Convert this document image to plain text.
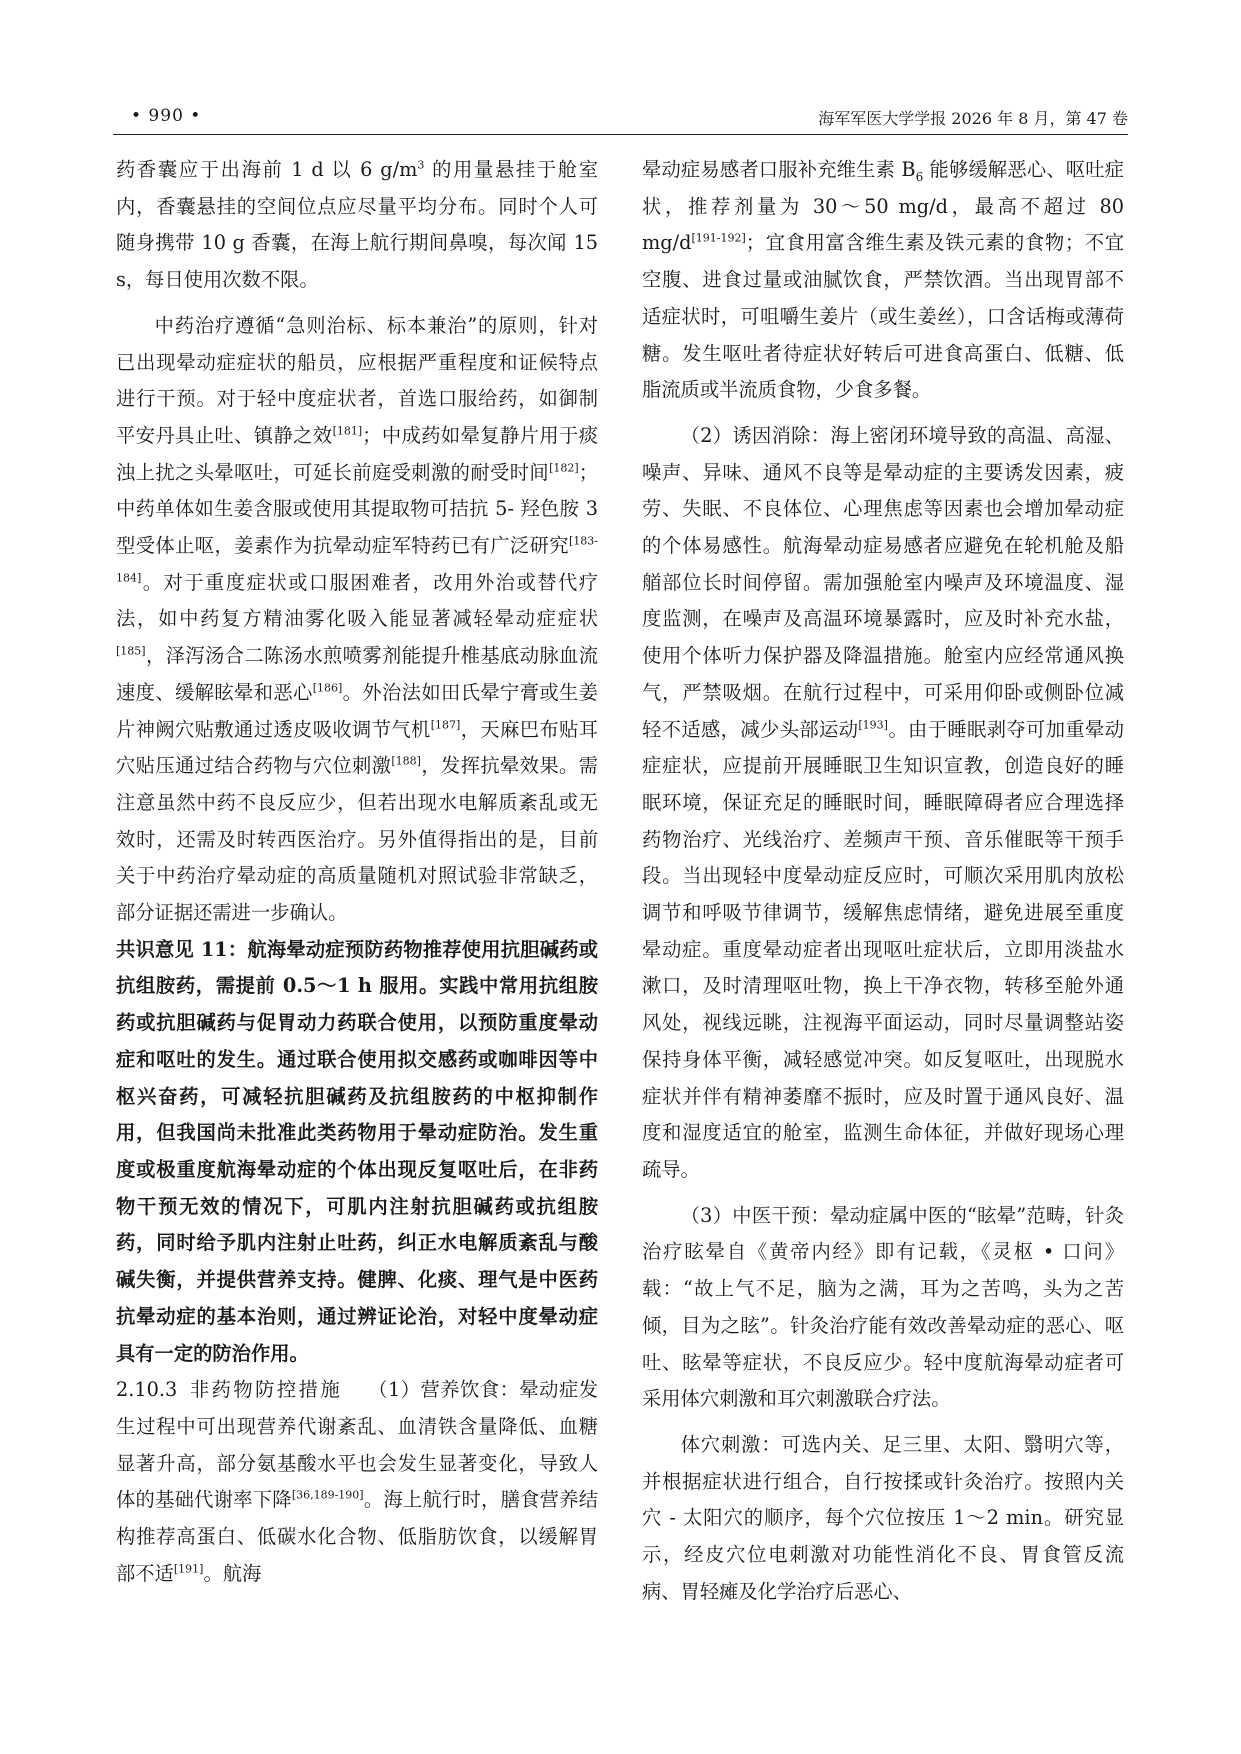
• 990 •	海军军医大学学报 2026 年 8 月，第 47 卷

药香囊应于出海前 1 d 以 6 $g/m^3$ 的用量悬挂于舱室内，香囊悬挂的空间位点应尽量平均分布。同时个人可随身携带 10 g 香囊，在海上航行期间鼻嗅，每次闻 15 s，每日使用次数不限。

中药治疗遵循“急则治标、标本兼治”的原则，针对已出现晕动症症状的船员，应根据严重程度和证候特点进行干预。对于轻中度症状者，首选口服给药，如御制平安丹具止吐、镇静之效[181]；中成药如晕复静片用于痰浊上扰之头晕呕吐，可延长前庭受刺激的耐受时间[182]；中药单体如生姜含服或使用其提取物可拮抗 5- 羟色胺 3 型受体止呕，姜素作为抗晕动症军特药已有广泛研究[183-184]。对于重度症状或口服困难者，改用外治或替代疗法，如中药复方精油雾化吸入能显著减轻晕动症症状[185]，泽泻汤合二陈汤水煎喷雾剂能提升椎基底动脉血流速度、缓解眩晕和恶心[186]。外治法如田氏晕宁膏或生姜片神阙穴贴敷通过透皮吸收调节气机[187]，天麻巴布贴耳穴贴压通过结合药物与穴位刺激[188]，发挥抗晕效果。需注意虽然中药不良反应少，但若出现水电解质紊乱或无效时，还需及时转西医治疗。另外值得指出的是，目前关于中药治疗晕动症的高质量随机对照试验非常缺乏，部分证据还需进一步确认。

共识意见 11：航海晕动症预防药物推荐使用抗胆碱药或抗组胺药，需提前 0.5～1 h 服用。实践中常用抗组胺药或抗胆碱药与促胃动力药联合使用，以预防重度晕动症和呕吐的发生。通过联合使用拟交感药或咖啡因等中枢兴奋药，可减轻抗胆碱药及抗组胺药的中枢抑制作用，但我国尚未批准此类药物用于晕动症防治。发生重度或极重度航海晕动症的个体出现反复呕吐后，在非药物干预无效的情况下，可肌内注射抗胆碱药或抗组胺药，同时给予肌内注射止吐药，纠正水电解质紊乱与酸碱失衡，并提供营养支持。健脾、化痰、理气是中医药抗晕动症的基本治则，通过辨证论治，对轻中度晕动症具有一定的防治作用。

2.10.3 非药物防控措施 （1）营养饮食：晕动症发生过程中可出现营养代谢紊乱、血清铁含量降低、血糖显著升高，部分氨基酸水平也会发生显著变化，导致人体的基础代谢率下降[36,189-190]。海上航行时，膳食营养结构推荐高蛋白、低碳水化合物、低脂肪饮食，以缓解胃部不适[191]。航海

晕动症易感者口服补充维生素 $B_6$ 能够缓解恶心、呕吐症状，推荐剂量为 30～50 mg/d，最高不超过 80 mg/d[191-192]；宜食用富含维生素及铁元素的食物；不宜空腹、进食过量或油腻饮食，严禁饮酒。当出现胃部不适症状时，可咀嚼生姜片（或生姜丝），口含话梅或薄荷糖。发生呕吐者待症状好转后可进食高蛋白、低糖、低脂流质或半流质食物，少食多餐。

（2）诱因消除：海上密闭环境导致的高温、高湿、噪声、异味、通风不良等是晕动症的主要诱发因素，疲劳、失眠、不良体位、心理焦虑等因素也会增加晕动症的个体易感性。航海晕动症易感者应避免在轮机舱及船艏部位长时间停留。需加强舱室内噪声及环境温度、湿度监测，在噪声及高温环境暴露时，应及时补充水盐，使用个体听力保护器及降温措施。舱室内应经常通风换气，严禁吸烟。在航行过程中，可采用仰卧或侧卧位减轻不适感，减少头部运动[193]。由于睡眠剥夺可加重晕动症症状，应提前开展睡眠卫生知识宣教，创造良好的睡眠环境，保证充足的睡眠时间，睡眠障碍者应合理选择药物治疗、光线治疗、差频声干预、音乐催眠等干预手段。当出现轻中度晕动症反应时，可顺次采用肌肉放松调节和呼吸节律调节，缓解焦虑情绪，避免进展至重度晕动症。重度晕动症者出现呕吐症状后，立即用淡盐水漱口，及时清理呕吐物，换上干净衣物，转移至舱外通风处，视线远眺，注视海平面运动，同时尽量调整站姿保持身体平衡，减轻感觉冲突。如反复呕吐，出现脱水症状并伴有精神萎靡不振时，应及时置于通风良好、温度和湿度适宜的舱室，监测生命体征，并做好现场心理疏导。

（3）中医干预：晕动症属中医的“眩晕”范畴，针灸治疗眩晕自《黄帝内经》即有记载，《灵枢 • 口问》载：“故上气不足，脑为之满，耳为之苦鸣，头为之苦倾，目为之眩”。针灸治疗能有效改善晕动症的恶心、呕吐、眩晕等症状，不良反应少。轻中度航海晕动症者可采用体穴刺激和耳穴刺激联合疗法。

体穴刺激：可选内关、足三里、太阳、翳明穴等，并根据症状进行组合，自行按揉或针灸治疗。按照内关穴 - 太阳穴的顺序，每个穴位按压 1～2 min。研究显示，经皮穴位电刺激对功能性消化不良、胃食管反流病、胃轻瘫及化学治疗后恶心、
